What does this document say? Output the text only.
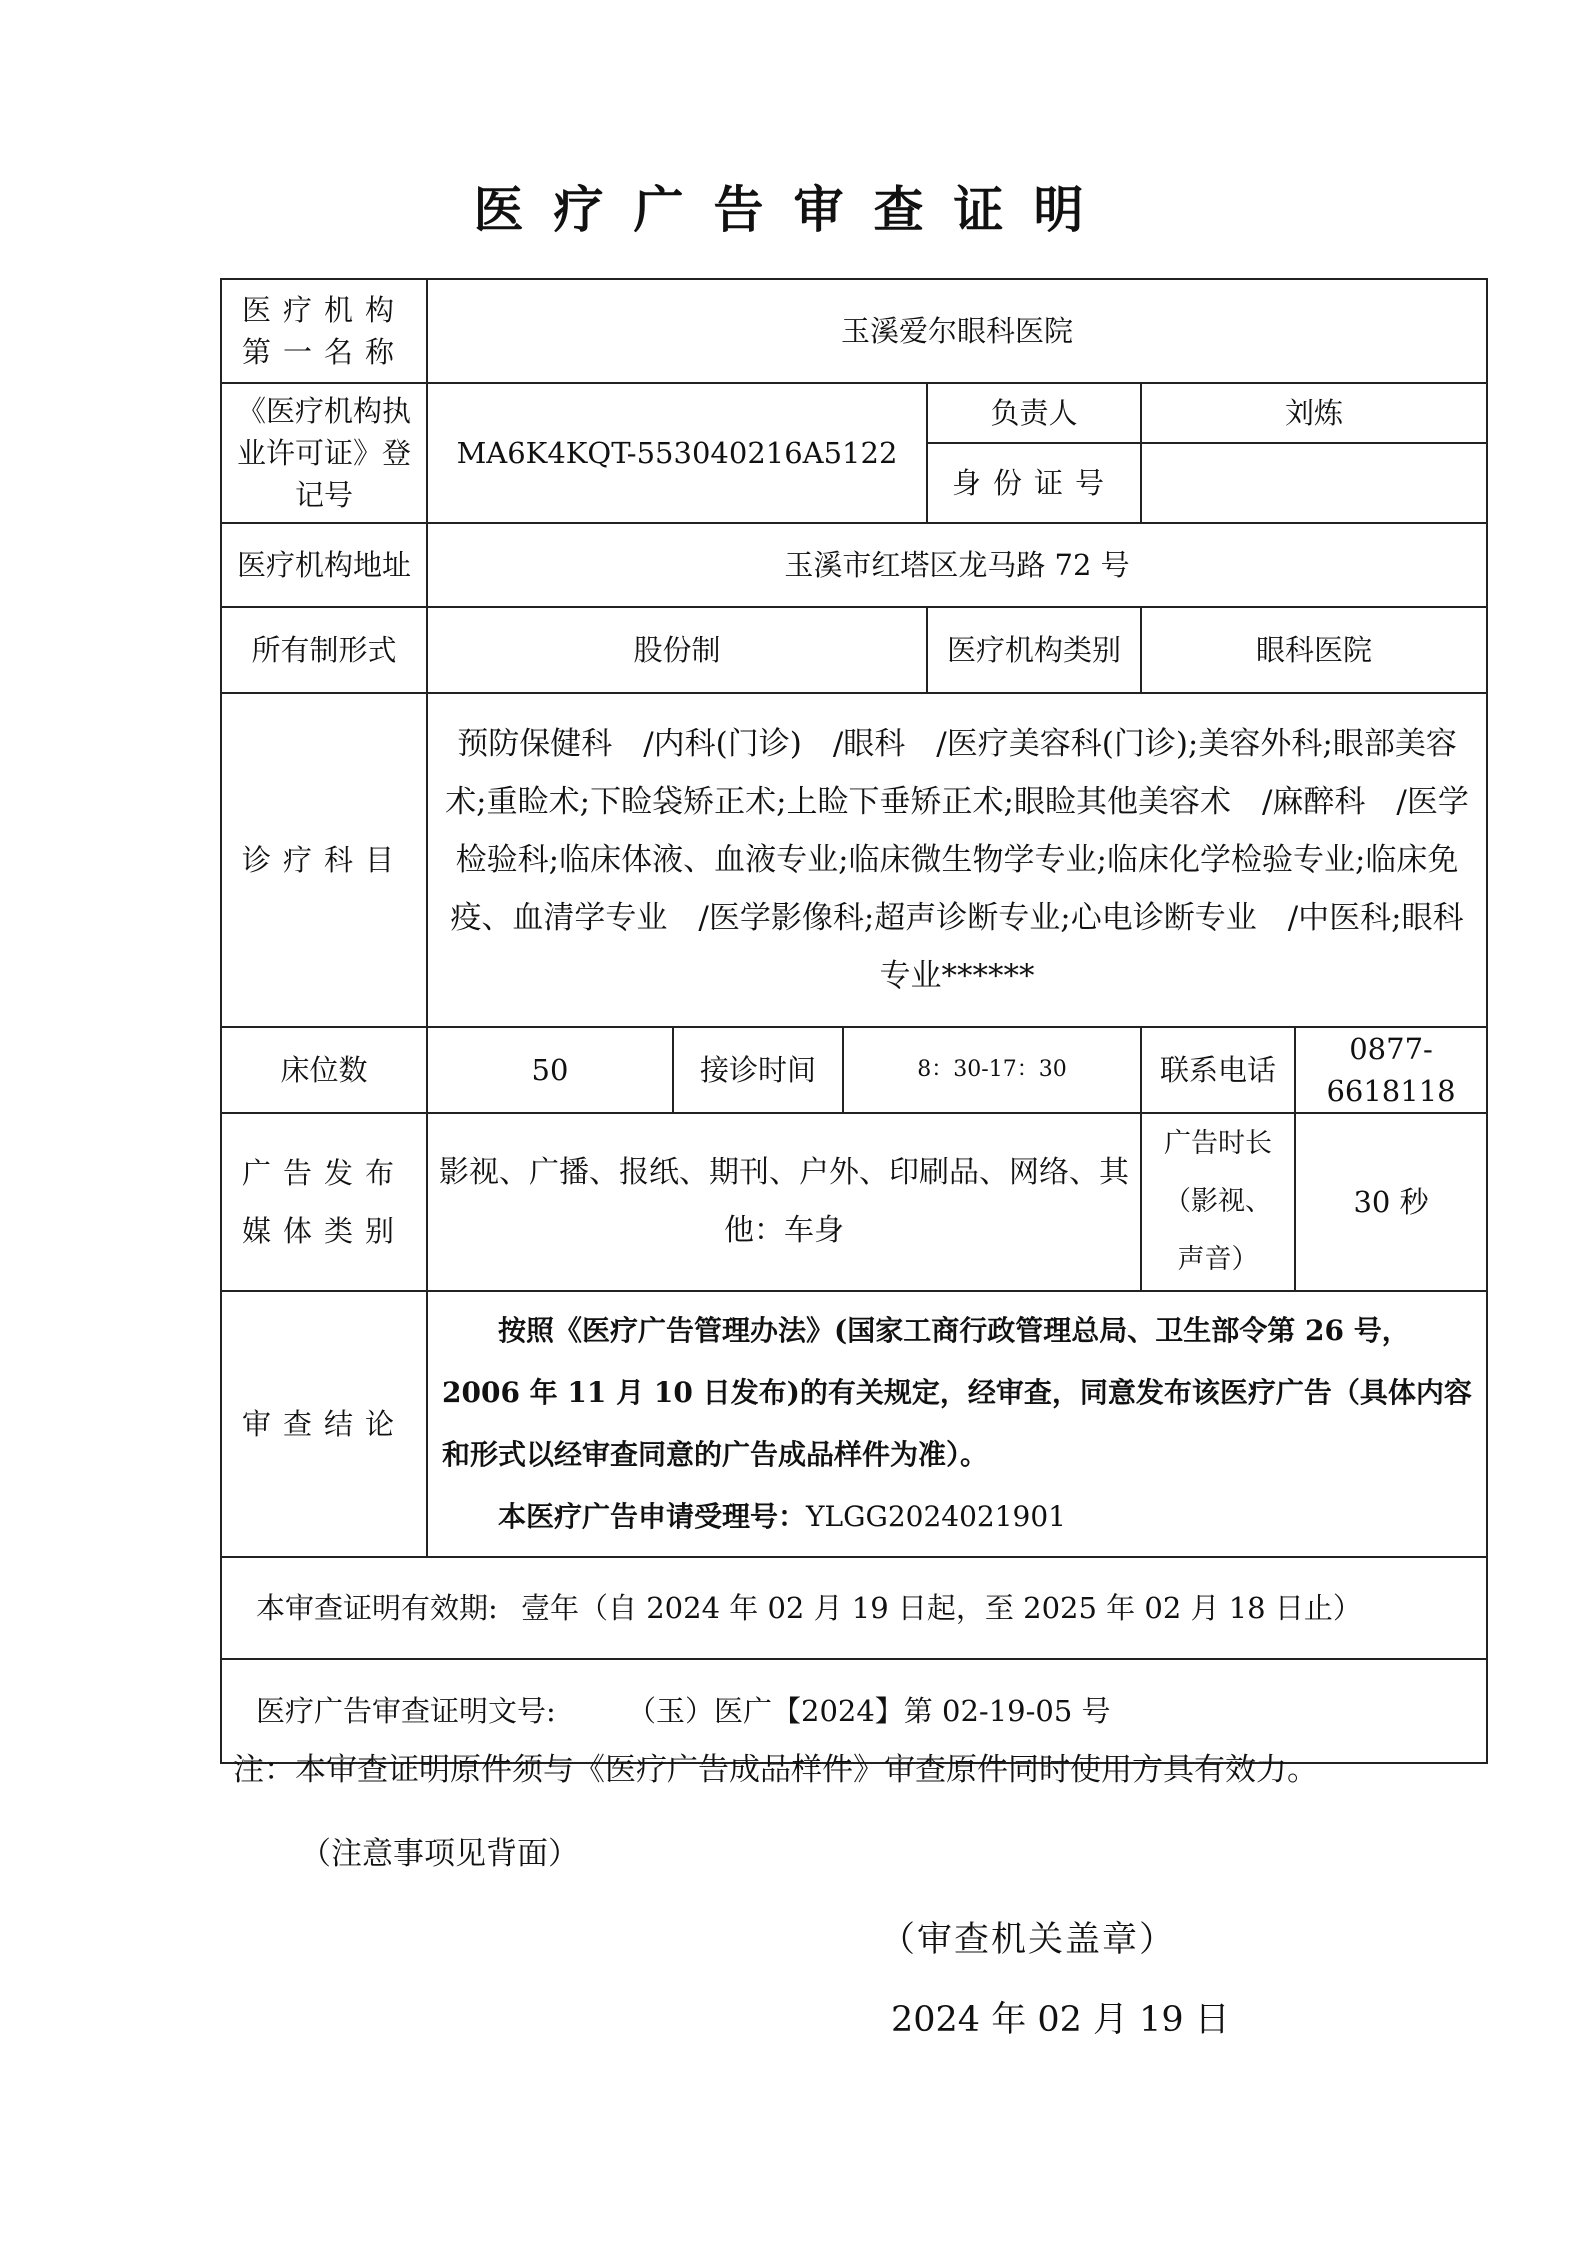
医疗广告审查证明
医疗机构
第一名称	玉溪爱尔眼科医院					
《医疗机构执业许可证》登记号	MA6K4KQT-553040216A5122			负责人	刘炼	
				身份证号		
医疗机构地址	玉溪市红塔区龙马路 72 号					
所有制形式	股份制			医疗机构类别	眼科医院	
诊疗科目	预防保健科　/内科(门诊)　/眼科　/医疗美容科(门诊);美容外科;眼部美容术;重睑术;下睑袋矫正术;上睑下垂矫正术;眼睑其他美容术　/麻醉科　/医学检验科;临床体液、血液专业;临床微生物学专业;临床化学检验专业;临床免疫、血清学专业　/医学影像科;超声诊断专业;心电诊断专业　/中医科;眼科专业******					
床位数	50	接诊时间	8：30-17：30		联系电话	0877-6618118

广告发布
媒体类别	影视、广播、报纸、期刊、户外、印刷品、网络、其他：车身				广告时长（影视、声音）	30 秒
审查结论	按照《医疗广告管理办法》(国家工商行政管理总局、卫生部令第 26 号，2006 年 11 月 10 日发布)的有关规定，经审查，同意发布该医疗广告（具体内容和形式以经审查同意的广告成品样件为准）。

本医疗广告申请受理号：YLGG2024021901					

本审查证明有效期: 壹年（自 2024 年 02 月 19 日起，至 2025 年 02 月 18 日止）						
医疗广告审查证明文号: （玉）医广【2024】第 02-19-05 号						
注：本审查证明原件须与《医疗广告成品样件》审查原件同时使用方具有效力。
（注意事项见背面）
（审查机关盖章）
2024 年 02 月 19 日
